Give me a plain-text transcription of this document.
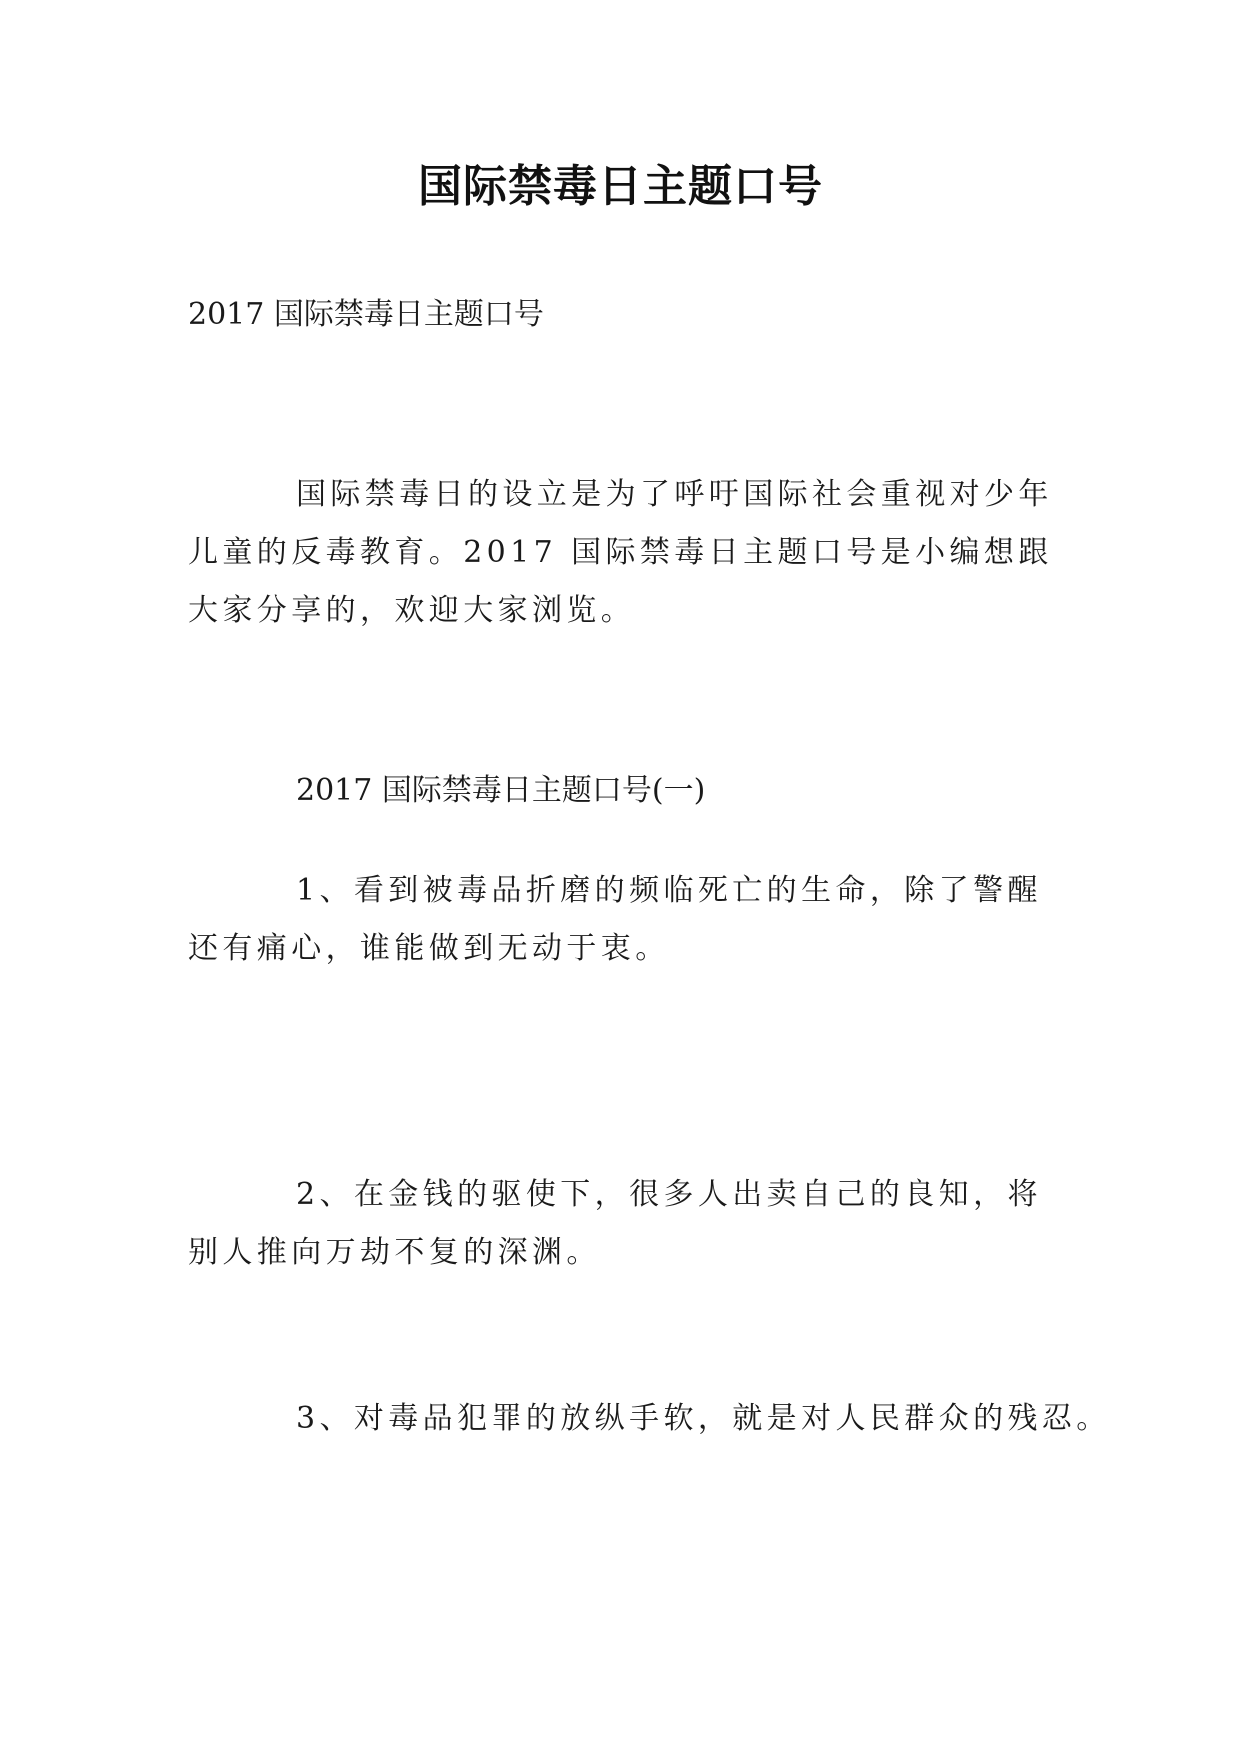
国际禁毒日主题口号
2017 国际禁毒日主题口号
国际禁毒日的设立是为了呼吁国际社会重视对少年儿童的反毒教育。2017 国际禁毒日主题口号是小编想跟大家分享的，欢迎大家浏览。
2017 国际禁毒日主题口号(一)
1、看到被毒品折磨的频临死亡的生命，除了警醒还有痛心，谁能做到无动于衷。
2、在金钱的驱使下，很多人出卖自己的良知，将别人推向万劫不复的深渊。
3、对毒品犯罪的放纵手软，就是对人民群众的残忍。
